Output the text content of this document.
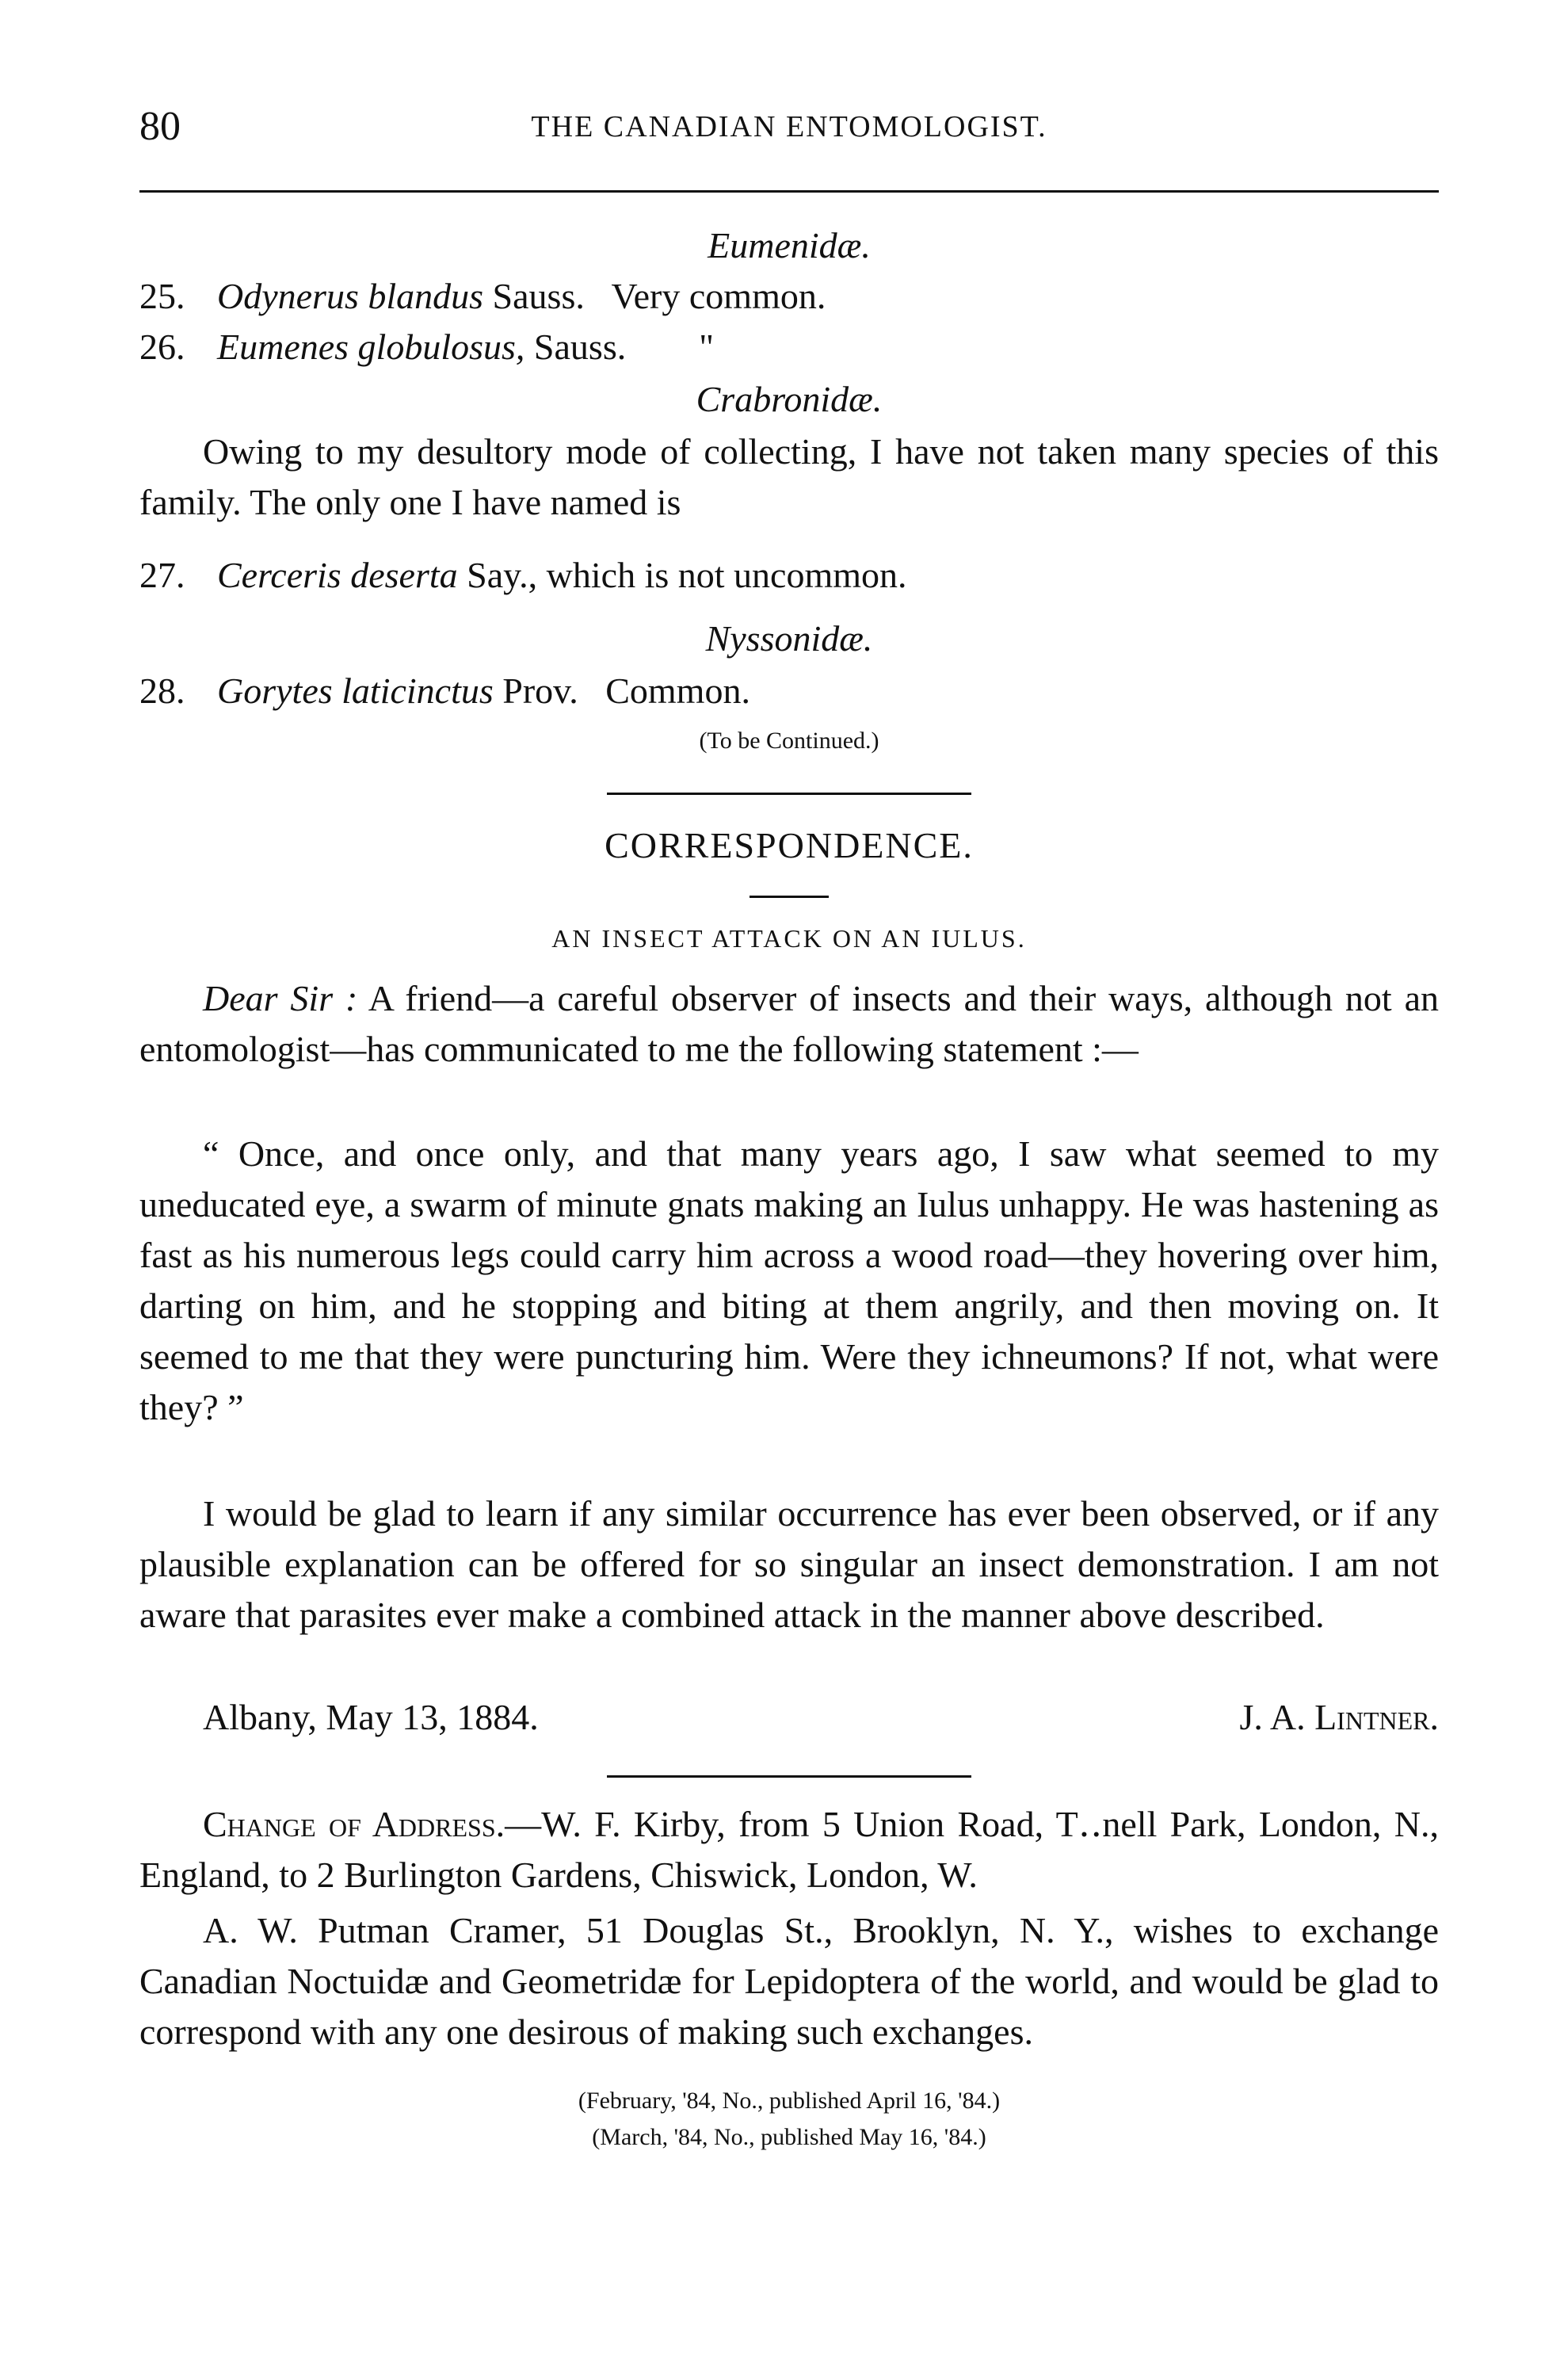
80	THE CANADIAN ENTOMOLOGIST.
Eumenidæ.
25. Odynerus blandus Sauss.   Very common.
26. Eumenes globulosus, Sauss.        "
Crabronidæ.
Owing to my desultory mode of collecting, I have not taken many species of this family. The only one I have named is
27. Cerceris deserta Say., which is not uncommon.
Nyssonidæ.
28. Gorytes laticinctus Prov.   Common.
(To be Continued.)
CORRESPONDENCE.
AN INSECT ATTACK ON AN IULUS.
Dear Sir : A friend—a careful observer of insects and their ways, although not an entomologist—has communicated to me the following statement :—
“ Once, and once only, and that many years ago, I saw what seemed to my uneducated eye, a swarm of minute gnats making an Iulus unhappy. He was hastening as fast as his numerous legs could carry him across a wood road—they hovering over him, darting on him, and he stopping and biting at them angrily, and then moving on. It seemed to me that they were puncturing him. Were they ichneumons? If not, what were they? ”
I would be glad to learn if any similar occurrence has ever been observed, or if any plausible explanation can be offered for so singular an insect demonstration. I am not aware that parasites ever make a combined attack in the manner above described.
Albany, May 13, 1884.	J. A. Lintner.
Change of Address.—W. F. Kirby, from 5 Union Road, T‥nell Park, London, N., England, to 2 Burlington Gardens, Chiswick, London, W.
A. W. Putman Cramer, 51 Douglas St., Brooklyn, N. Y., wishes to exchange Canadian Noctuidæ and Geometridæ for Lepidoptera of the world, and would be glad to correspond with any one desirous of making such exchanges.
(February, '84, No., published April 16, '84.)
(March, '84, No., published May 16, '84.)
